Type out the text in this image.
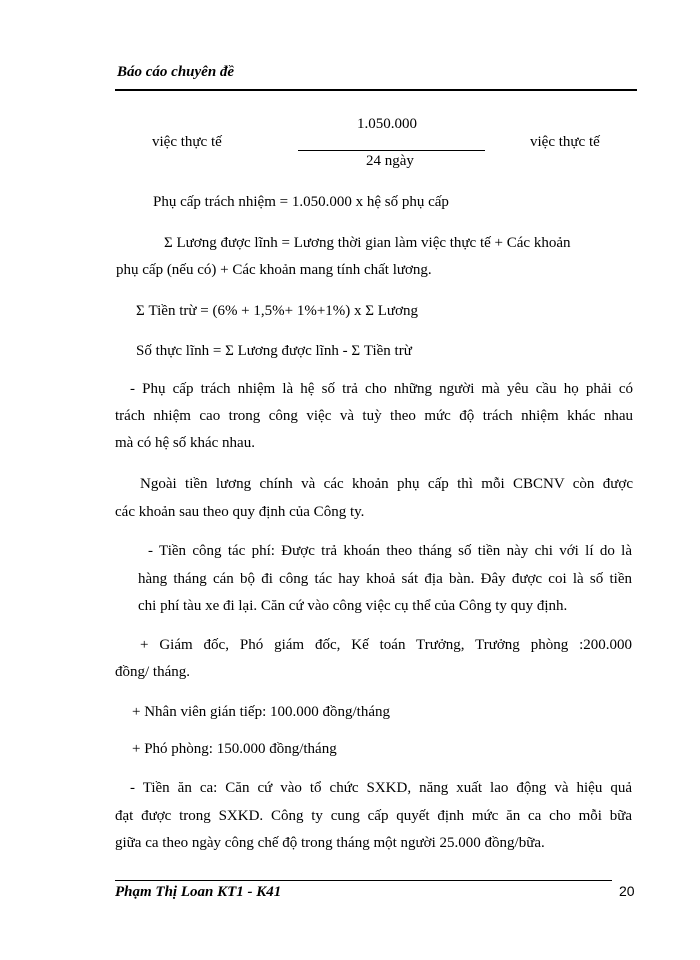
Báo cáo chuyên đề
việc thực tế
1.050.000
24 ngày
việc thực tế
Phụ cấp trách nhiệm = 1.050.000 x hệ số phụ cấp
Σ Lương được lĩnh = Lương thời gian làm việc thực tế + Các khoản
phụ cấp (nếu có) + Các khoản mang tính chất lương.
Σ Tiền trừ = (6% + 1,5%+ 1%+1%) x Σ Lương
Số thực lĩnh = Σ Lương được lĩnh - Σ Tiền trừ
- Phụ cấp trách nhiệm là hệ số trả cho những người mà yêu cầu họ phải có
trách nhiệm cao trong công việc và tuỳ theo mức độ trách nhiệm khác nhau
mà có hệ số khác nhau.
Ngoài tiền lương chính và các khoản phụ cấp thì mỗi CBCNV còn được
các khoản sau theo quy định của Công ty.
- Tiền công tác phí: Được trả khoán theo tháng số tiền này chi với lí do là
hàng tháng cán bộ đi công tác hay khoả sát địa bàn. Đây được coi là số tiền
chi phí tàu xe đi lại. Căn cứ vào công việc cụ thể của Công ty quy định.
+ Giám đốc, Phó giám đốc, Kế toán Trưởng, Trưởng phòng :200.000
đồng/ tháng.
+ Nhân viên gián tiếp: 100.000 đồng/tháng
+ Phó phòng: 150.000 đồng/tháng
- Tiền ăn ca: Căn cứ vào tổ chức SXKD, năng xuất lao động và hiệu quả
đạt được trong SXKD. Công ty cung cấp quyết định mức ăn ca cho mỗi bữa
giữa ca theo ngày công chế độ trong tháng một người 25.000 đồng/bữa.
Phạm Thị Loan KT1 - K41	20
